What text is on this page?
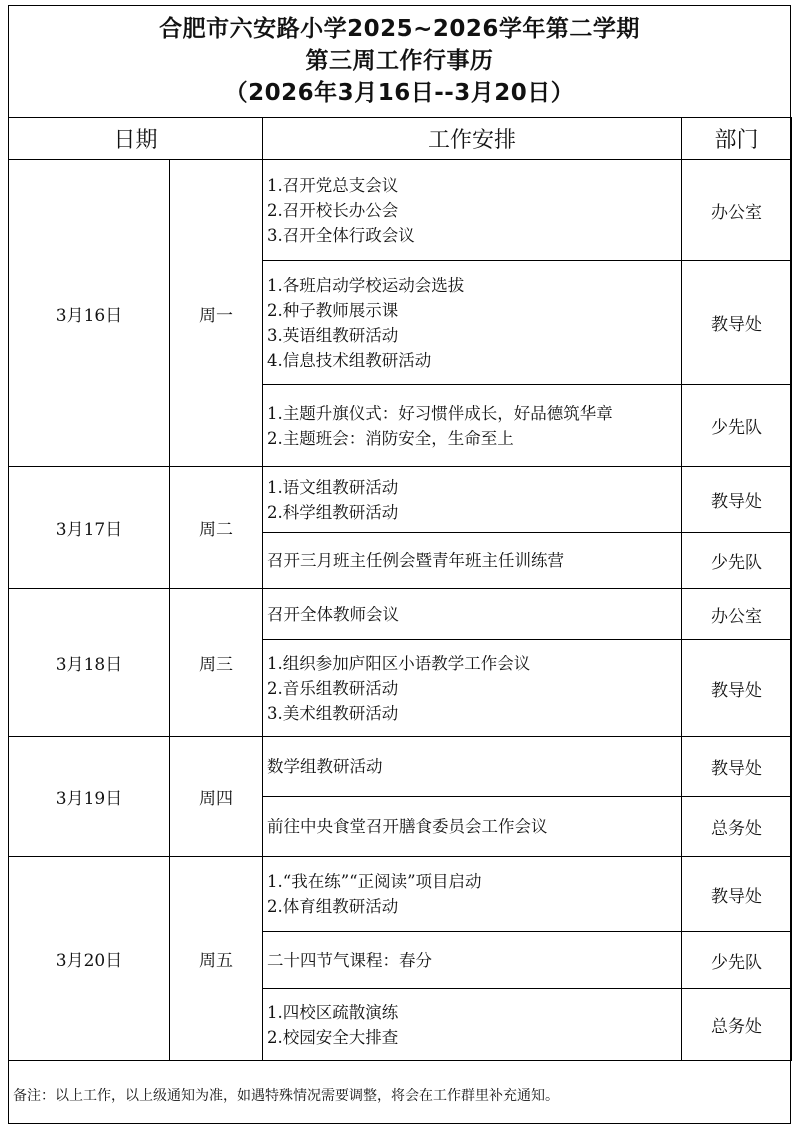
合肥市六安路小学2025~2026学年第二学期
第三周工作行事历
（2026年3月16日--3月20日）
日期		工作安排	部门
3月16日	周一	1.召开党总支会议
2.召开校长办公会
3.召开全体行政会议	办公室

		1.各班启动学校运动会选拔
2.种子教师展示课
3.英语组教研活动
4.信息技术组教研活动	教导处

		1.主题升旗仪式：好习惯伴成长，好品德筑华章
2.主题班会：消防安全，生命至上	少先队
3月17日	周二	1.语文组教研活动
2.科学组教研活动	教导处

		召开三月班主任例会暨青年班主任训练营	少先队
3月18日	周三	召开全体教师会议	办公室

		1.组织参加庐阳区小语教学工作会议
2.音乐组教研活动
3.美术组教研活动	教导处
3月19日	周四	数学组教研活动	教导处

		前往中央食堂召开膳食委员会工作会议	总务处
3月20日	周五	1.“我在练”“正阅读”项目启动
2.体育组教研活动	教导处

		二十四节气课程：春分	少先队

		1.四校区疏散演练
2.校园安全大排查	总务处
备注：以上工作，以上级通知为准，如遇特殊情况需要调整，将会在工作群里补充通知。
